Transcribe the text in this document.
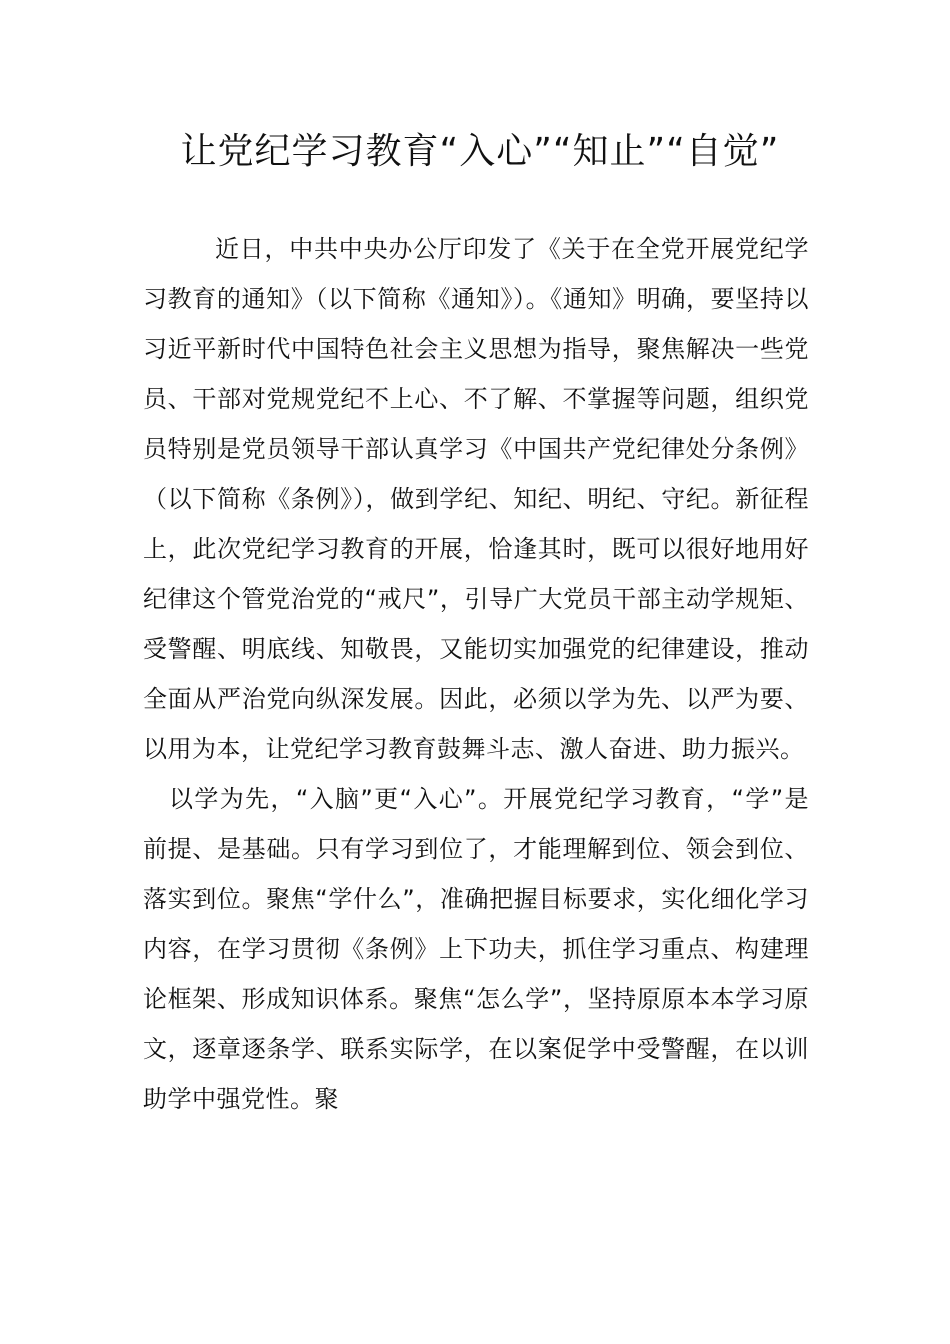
让党纪学习教育“入心”“知止”“自觉”

近日，中共中央办公厅印发了《关于在全党开展党纪学习教育的通知》（以下简称《通知》）。《通知》明确，要坚持以习近平新时代中国特色社会主义思想为指导，聚焦解决一些党员、干部对党规党纪不上心、不了解、不掌握等问题，组织党员特别是党员领导干部认真学习《中国共产党纪律处分条例》（以下简称《条例》），做到学纪、知纪、明纪、守纪。新征程上，此次党纪学习教育的开展，恰逢其时，既可以很好地用好纪律这个管党治党的“戒尺”，引导广大党员干部主动学规矩、受警醒、明底线、知敬畏，又能切实加强党的纪律建设，推动全面从严治党向纵深发展。因此，必须以学为先、以严为要、以用为本，让党纪学习教育鼓舞斗志、激人奋进、助力振兴。

以学为先，“入脑”更“入心”。开展党纪学习教育，“学”是前提、是基础。只有学习到位了，才能理解到位、领会到位、落实到位。聚焦“学什么”，准确把握目标要求，实化细化学习内容，在学习贯彻《条例》上下功夫，抓住学习重点、构建理论框架、形成知识体系。聚焦“怎么学”，坚持原原本本学习原文，逐章逐条学、联系实际学，在以案促学中受警醒，在以训助学中强党性。聚
